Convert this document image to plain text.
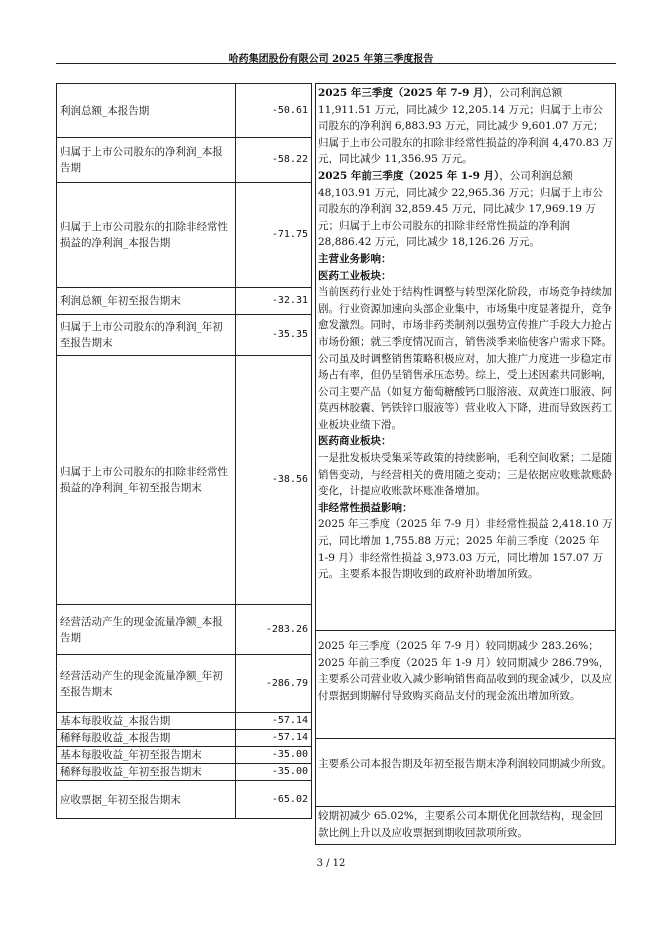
哈药集团股份有限公司 2025 年第三季度报告
利润总额_本报告期	-50.61
归属于上市公司股东的净利润_本报告期	-58.22
归属于上市公司股东的扣除非经常性损益的净利润_本报告期	-71.75
利润总额_年初至报告期末	-32.31
归属于上市公司股东的净利润_年初至报告期末	-35.35
归属于上市公司股东的扣除非经常性损益的净利润_年初至报告期末	-38.56
经营活动产生的现金流量净额_本报告期	-283.26
经营活动产生的现金流量净额_年初至报告期末	-286.79
基本每股收益_本报告期	-57.14
稀释每股收益_本报告期	-57.14
基本每股收益_年初至报告期末	-35.00
稀释每股收益_年初至报告期末	-35.00
应收票据_年初至报告期末	-65.02

2025 年三季度（2025 年 7-9 月），公司利润总额 11,911.51 万元，同比减少 12,205.14 万元；归属于上市公司股东的净利润 6,883.93 万元，同比减少 9,601.07 万元；归属于上市公司股东的扣除非经常性损益的净利润 4,470.83 万元，同比减少 11,356.95 万元。

2025 年前三季度（2025 年 1-9 月），公司利润总额 48,103.91 万元，同比减少 22,965.36 万元；归属于上市公司股东的净利润 32,859.45 万元，同比减少 17,969.19 万元；归属于上市公司股东的扣除非经常性损益的净利润 28,886.42 万元，同比减少 18,126.26 万元。

主营业务影响：

医药工业板块：

当前医药行业处于结构性调整与转型深化阶段，市场竞争持续加剧。行业资源加速向头部企业集中，市场集中度显著提升，竞争愈发激烈。同时，市场非药类制剂以强势宣传推广手段大力抢占市场份额；就三季度情况而言，销售淡季来临使客户需求下降。公司虽及时调整销售策略积极应对，加大推广力度进一步稳定市场占有率，但仍呈销售承压态势。综上，受上述因素共同影响，公司主要产品（如复方葡萄糖酸钙口服溶液、双黄连口服液、阿莫西林胶囊、钙铁锌口服液等）营业收入下降，进而导致医药工业板块业绩下滑。

医药商业板块：

一是批发板块受集采等政策的持续影响，毛利空间收紧；二是随销售变动，与经营相关的费用随之变动；三是依据应收账款账龄变化，计提应收账款坏账准备增加。

非经常性损益影响：

2025 年三季度（2025 年 7-9 月）非经常性损益 2,418.10 万元，同比增加 1,755.88 万元；2025 年前三季度（2025 年 1-9 月）非经常性损益 3,973.03 万元，同比增加 157.07 万元。主要系本报告期收到的政府补助增加所致。

2025 年三季度（2025 年 7-9 月）较同期减少 283.26%；2025 年前三季度（2025 年 1-9 月）较同期减少 286.79%，主要系公司营业收入减少影响销售商品收到的现金减少，以及应付票据到期解付导致购买商品支付的现金流出增加所致。

主要系公司本报告期及年初至报告期末净利润较同期减少所致。

较期初减少 65.02%，主要系公司本期优化回款结构，现金回款比例上升以及应收票据到期收回款项所致。

3 / 12
